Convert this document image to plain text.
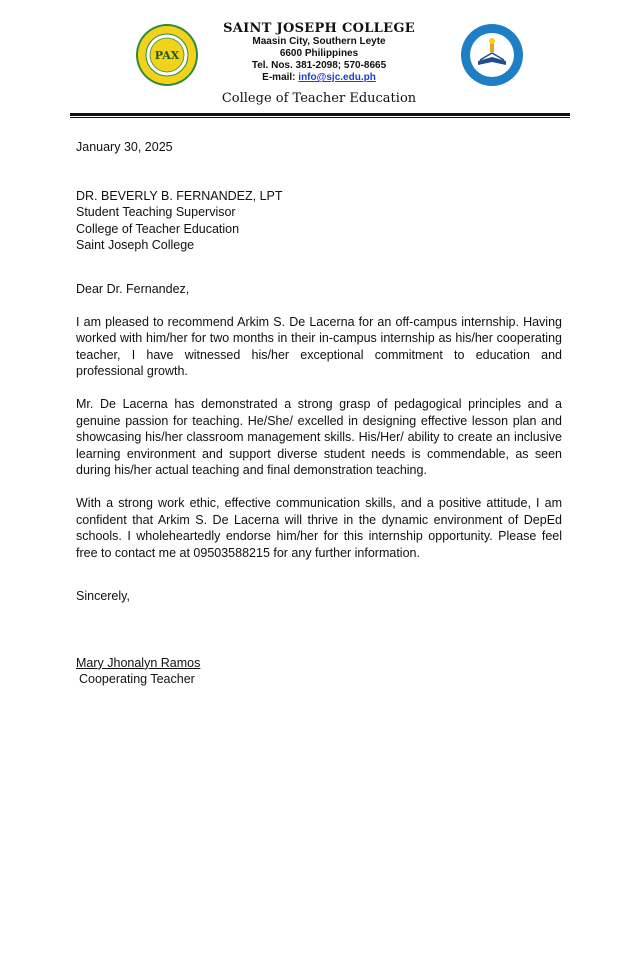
PAX
SAINT JOSEPH COLLEGE
Maasin City, Southern Leyte
6600 Philippines
Tel. Nos. 381-2098; 570-8665
E-mail: info@sjc.edu.ph
College of Teacher Education
January 30, 2025
DR. BEVERLY B. FERNANDEZ, LPT
Student Teaching Supervisor
College of Teacher Education
Saint Joseph College
Dear Dr. Fernandez,

I am pleased to recommend Arkim S. De Lacerna for an off-campus internship. Having worked with him/her for two months in their in-campus internship as his/her cooperating teacher, I have witnessed his/her exceptional commitment to education and professional growth.

Mr. De Lacerna has demonstrated a strong grasp of pedagogical principles and a genuine passion for teaching. He/She/ excelled in designing effective lesson plan and showcasing his/her classroom management skills. His/Her/ ability to create an inclusive learning environment and support diverse student needs is commendable, as seen during his/her actual teaching and final demonstration teaching.

With a strong work ethic, effective communication skills, and a positive attitude, I am confident that Arkim S. De Lacerna will thrive in the dynamic environment of DepEd schools. I wholeheartedly endorse him/her for this internship opportunity. Please feel free to contact me at 09503588215 for any further information.

Sincerely,
Mary Jhonalyn Ramos
Cooperating Teacher
